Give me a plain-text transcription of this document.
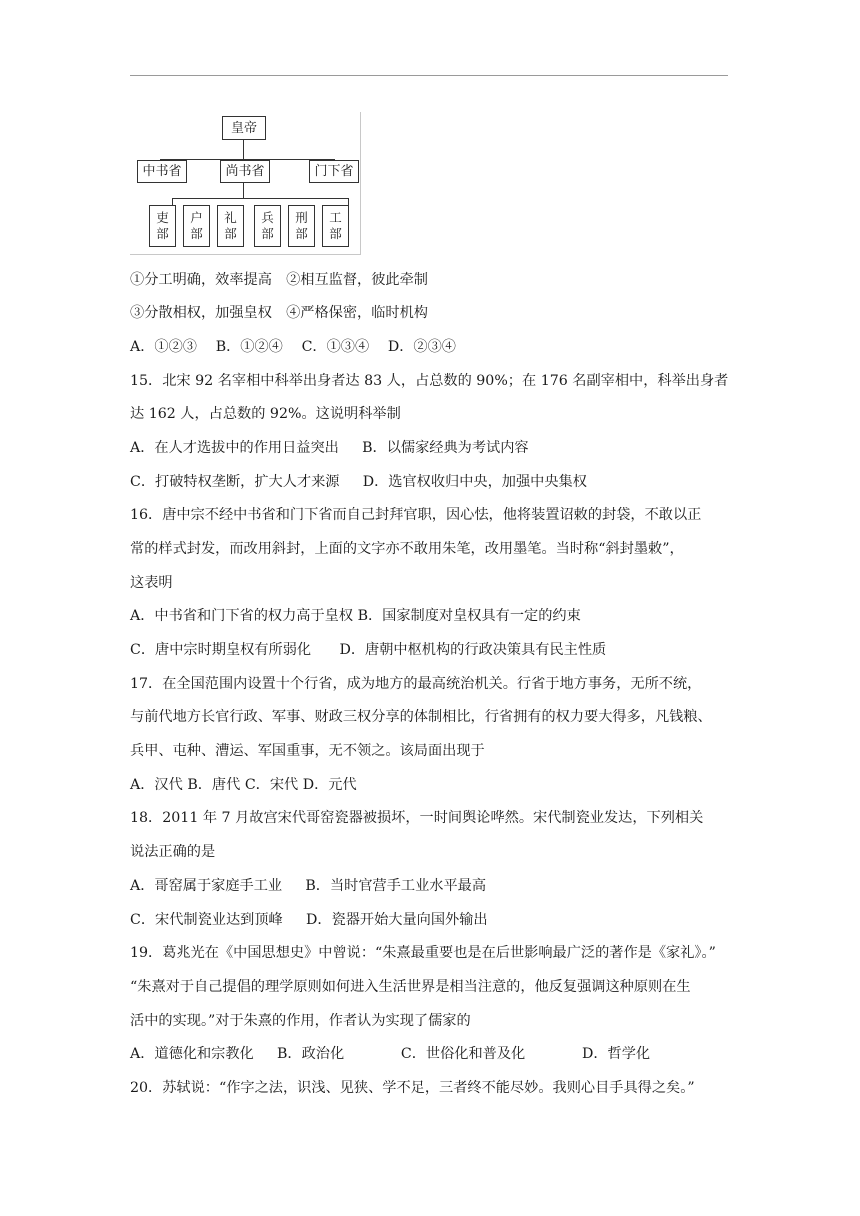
皇帝
中书省	尚书省	门下省
吏
部
户
部
礼
部
兵
部
刑
部
工
部
①分工明确，效率提高　②相互监督，彼此牵制
③分散相权，加强皇权　④严格保密，临时机构
A．①②③　 B．①②④　 C．①③④　 D．②③④
15．北宋 92 名宰相中科举出身者达 83 人，占总数的 90%；在 176 名副宰相中，科举出身者
达 162 人，占总数的 92%。这说明科举制
A．在人才选拔中的作用日益突出　  B．以儒家经典为考试内容
C．打破特权垄断，扩大人才来源　  D．选官权收归中央，加强中央集权
16．唐中宗不经中书省和门下省而自己封拜官职，因心怯，他将装置诏敕的封袋，不敢以正
常的样式封发，而改用斜封，上面的文字亦不敢用朱笔，改用墨笔。当时称“斜封墨敕”，
这表明
A．中书省和门下省的权力高于皇权 B．国家制度对皇权具有一定的约束
C．唐中宗时期皇权有所弱化　　D．唐朝中枢机构的行政决策具有民主性质
17．在全国范围内设置十个行省，成为地方的最高统治机关。行省于地方事务，无所不统，
与前代地方长官行政、军事、财政三权分享的体制相比，行省拥有的权力要大得多，凡钱粮、
兵甲、屯种、漕运、军国重事，无不领之。该局面出现于
A．汉代 B．唐代 C．宋代 D．元代
18．2011 年 7 月故宫宋代哥窑瓷器被损坏，一时间舆论哗然。宋代制瓷业发达，下列相关
说法正确的是
A．哥窑属于家庭手工业　  B．当时官营手工业水平最高
C．宋代制瓷业达到顶峰　  D．瓷器开始大量向国外输出
19．葛兆光在《中国思想史》中曾说：“朱熹最重要也是在后世影响最广泛的著作是《家礼》。”
“朱熹对于自己提倡的理学原则如何进入生活世界是相当注意的，他反复强调这种原则在生
活中的实现。”对于朱熹的作用，作者认为实现了儒家的
A．道德化和宗教化　  B．政治化　　　　C．世俗化和普及化　　　　D．哲学化
20．苏轼说：“作字之法，识浅、见狭、学不足，三者终不能尽妙。我则心目手具得之矣。”
